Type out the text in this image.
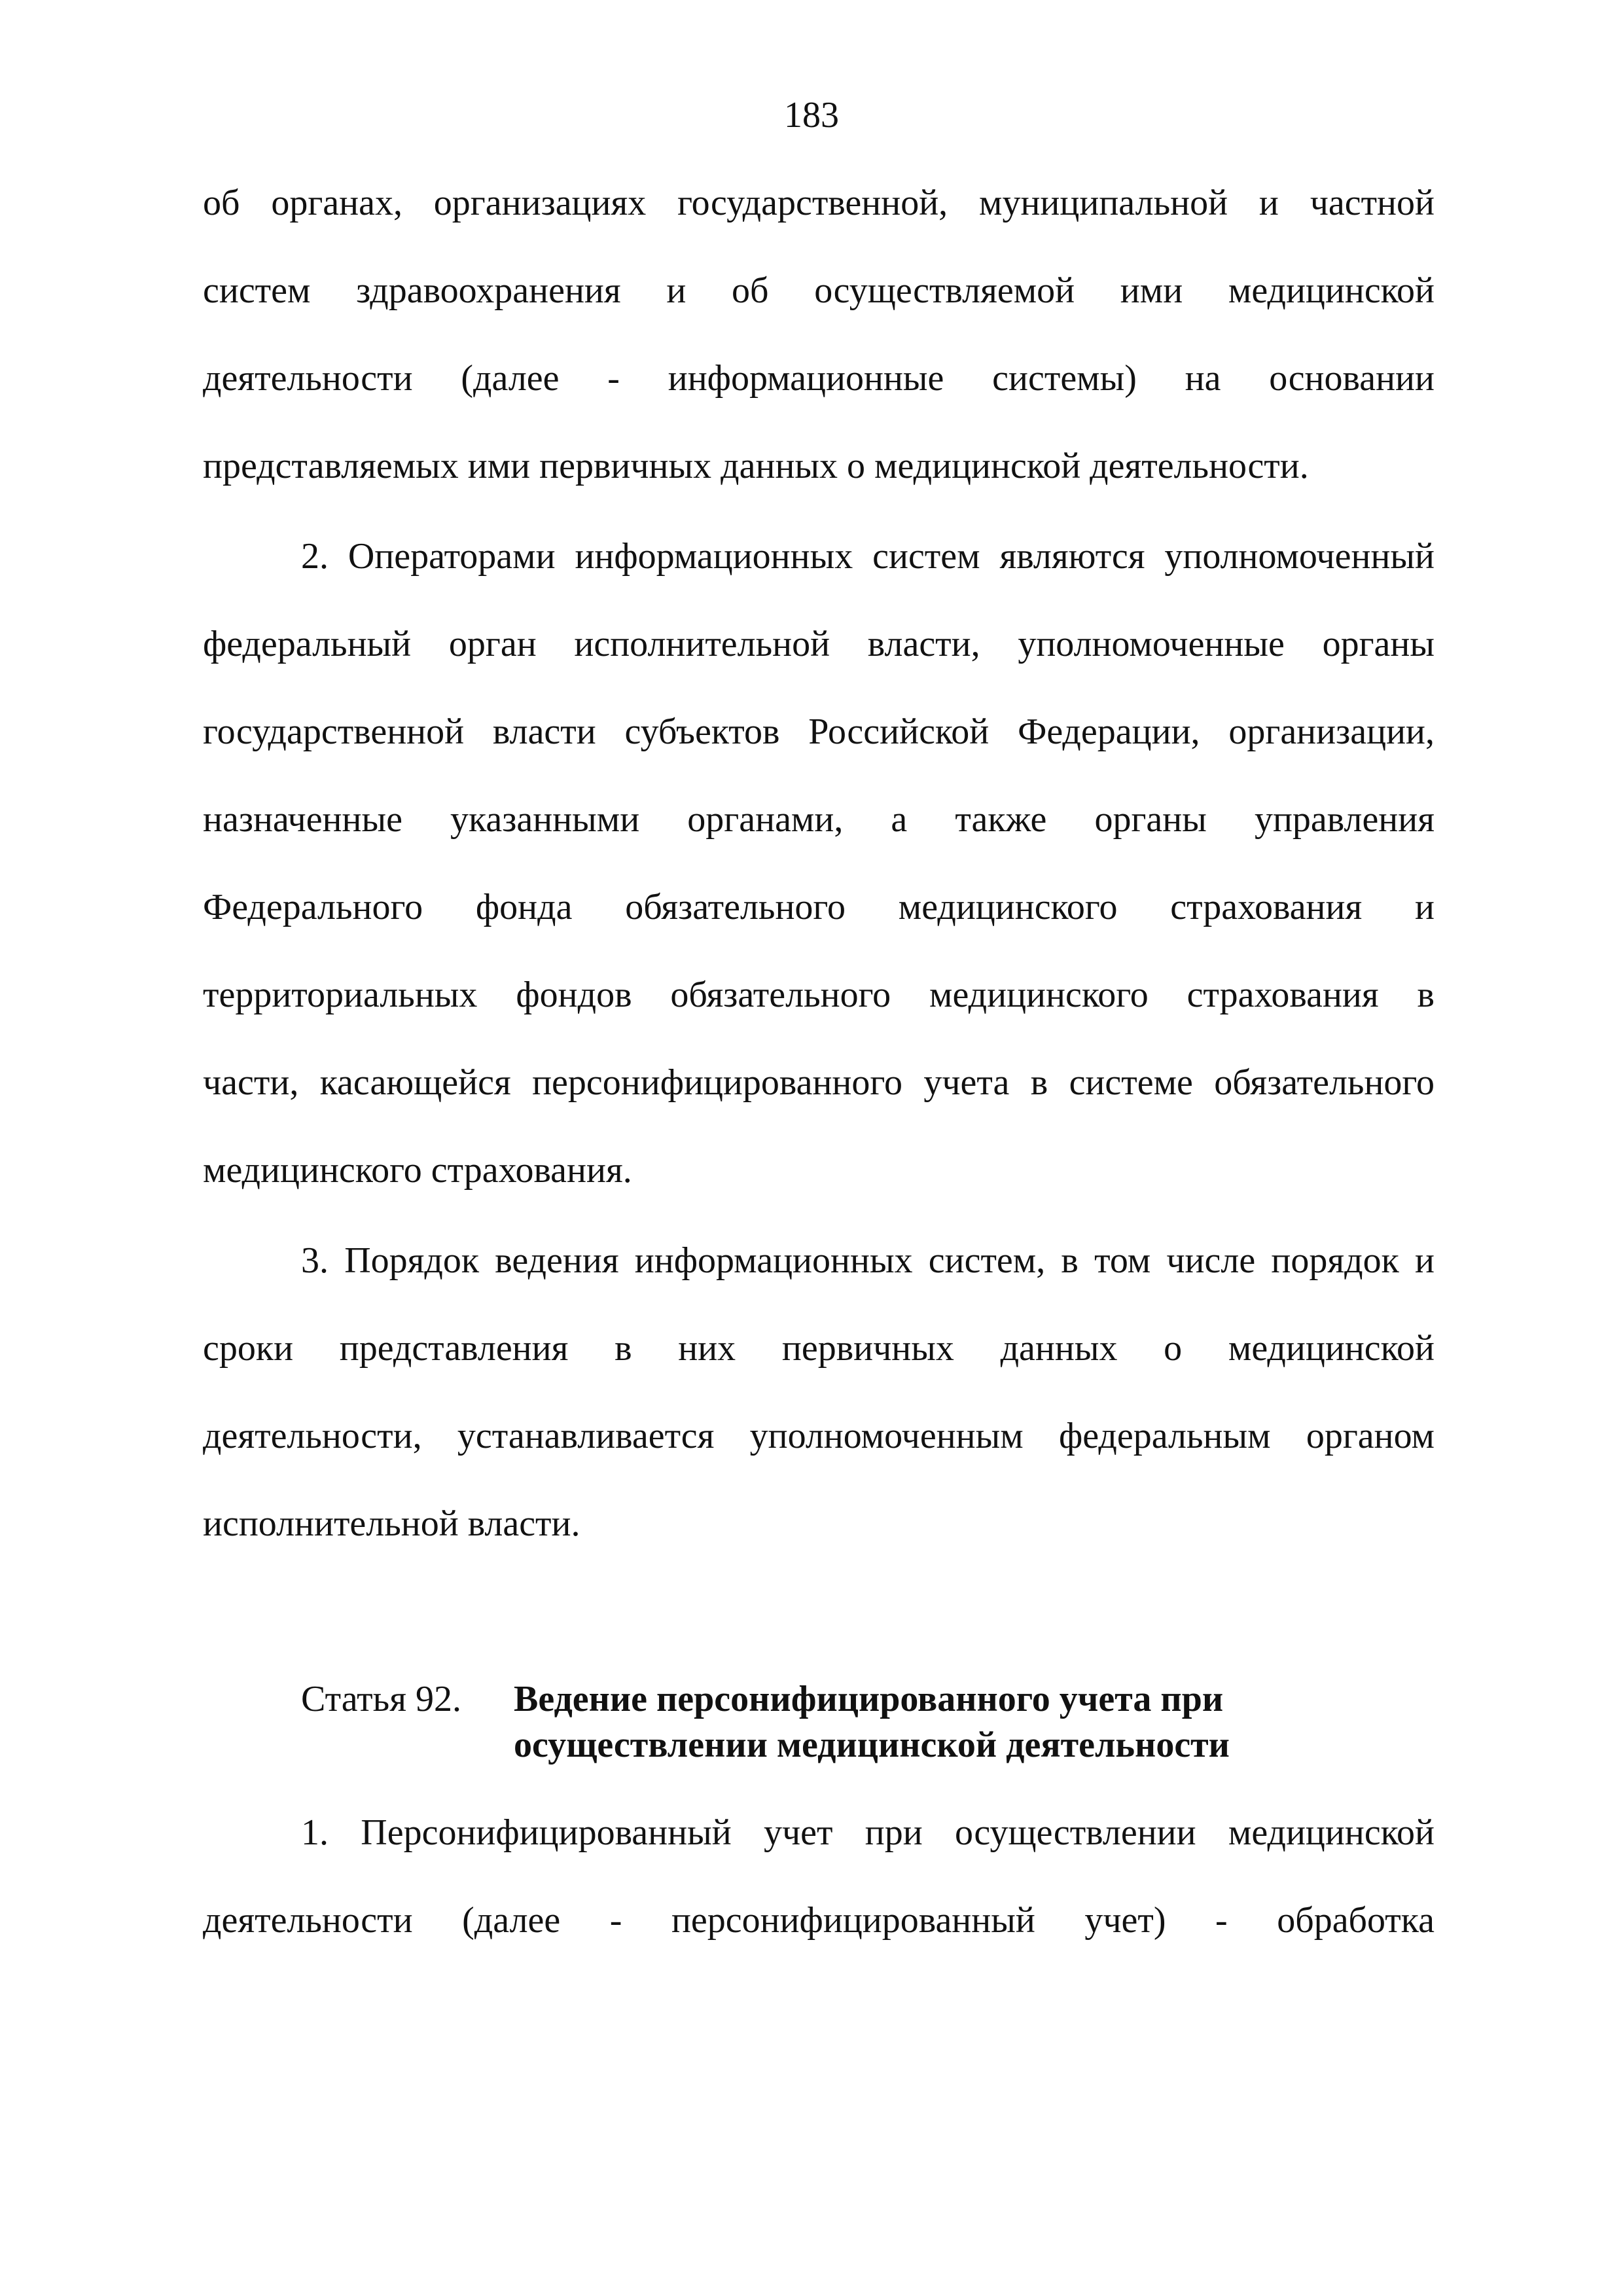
183
об органах, организациях государственной, муниципальной и частной
систем здравоохранения и об осуществляемой ими медицинской
деятельности (далее - информационные системы) на основании
представляемых ими первичных данных о медицинской деятельности.
2. Операторами информационных систем являются уполномоченный
федеральный орган исполнительной власти, уполномоченные органы
государственной власти субъектов Российской Федерации, организации,
назначенные указанными органами, а также органы управления
Федерального фонда обязательного медицинского страхования и
территориальных фондов обязательного медицинского страхования в
части, касающейся персонифицированного учета в системе обязательного
медицинского страхования.
3. Порядок ведения информационных систем, в том числе порядок и
сроки представления в них первичных данных о медицинской
деятельности, устанавливается уполномоченным федеральным органом
исполнительной власти.
Статья 92. Ведение персонифицированного учета при
осуществлении медицинской деятельности
1. Персонифицированный учет при осуществлении медицинской
деятельности (далее - персонифицированный учет) - обработка
